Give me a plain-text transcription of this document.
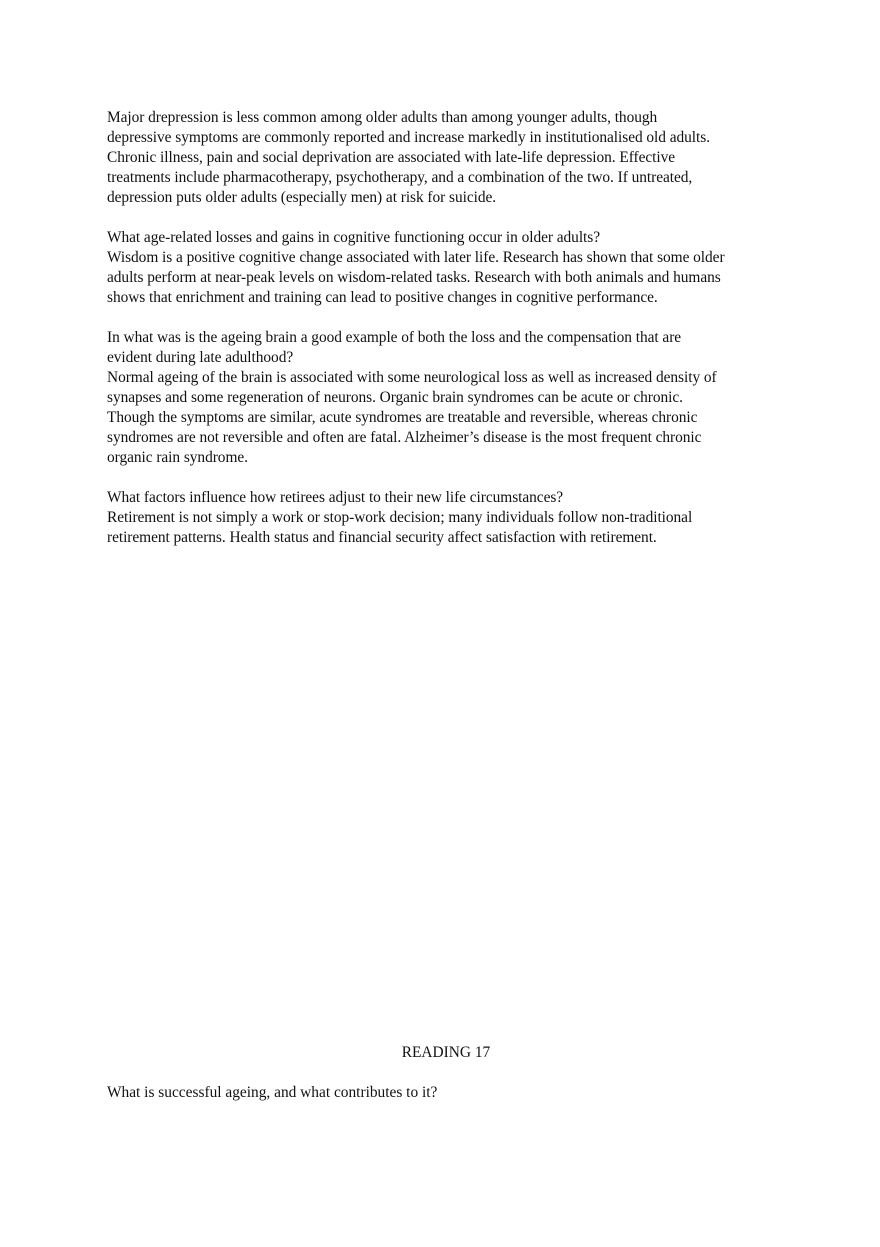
Major drepression is less common among older adults than among younger adults, though

depressive symptoms are commonly reported and increase markedly in institutionalised old adults.

Chronic illness, pain and social deprivation are associated with late-life depression. Effective

treatments include pharmacotherapy, psychotherapy, and a combination of the two. If untreated,

depression puts older adults (especially men) at risk for suicide.

What age-related losses and gains in cognitive functioning occur in older adults?

Wisdom is a positive cognitive change associated with later life. Research has shown that some older

adults perform at near-peak levels on wisdom-related tasks. Research with both animals and humans

shows that enrichment and training can lead to positive changes in cognitive performance.

In what was is the ageing brain a good example of both the loss and the compensation that are

evident during late adulthood?

Normal ageing of the brain is associated with some neurological loss as well as increased density of

synapses and some regeneration of neurons. Organic brain syndromes can be acute or chronic.

Though the symptoms are similar, acute syndromes are treatable and reversible, whereas chronic

syndromes are not reversible and often are fatal. Alzheimer’s disease is the most frequent chronic

organic rain syndrome.

What factors influence how retirees adjust to their new life circumstances?

Retirement is not simply a work or stop-work decision; many individuals follow non-traditional

retirement patterns. Health status and financial security affect satisfaction with retirement.

READING 17

What is successful ageing, and what contributes to it?
